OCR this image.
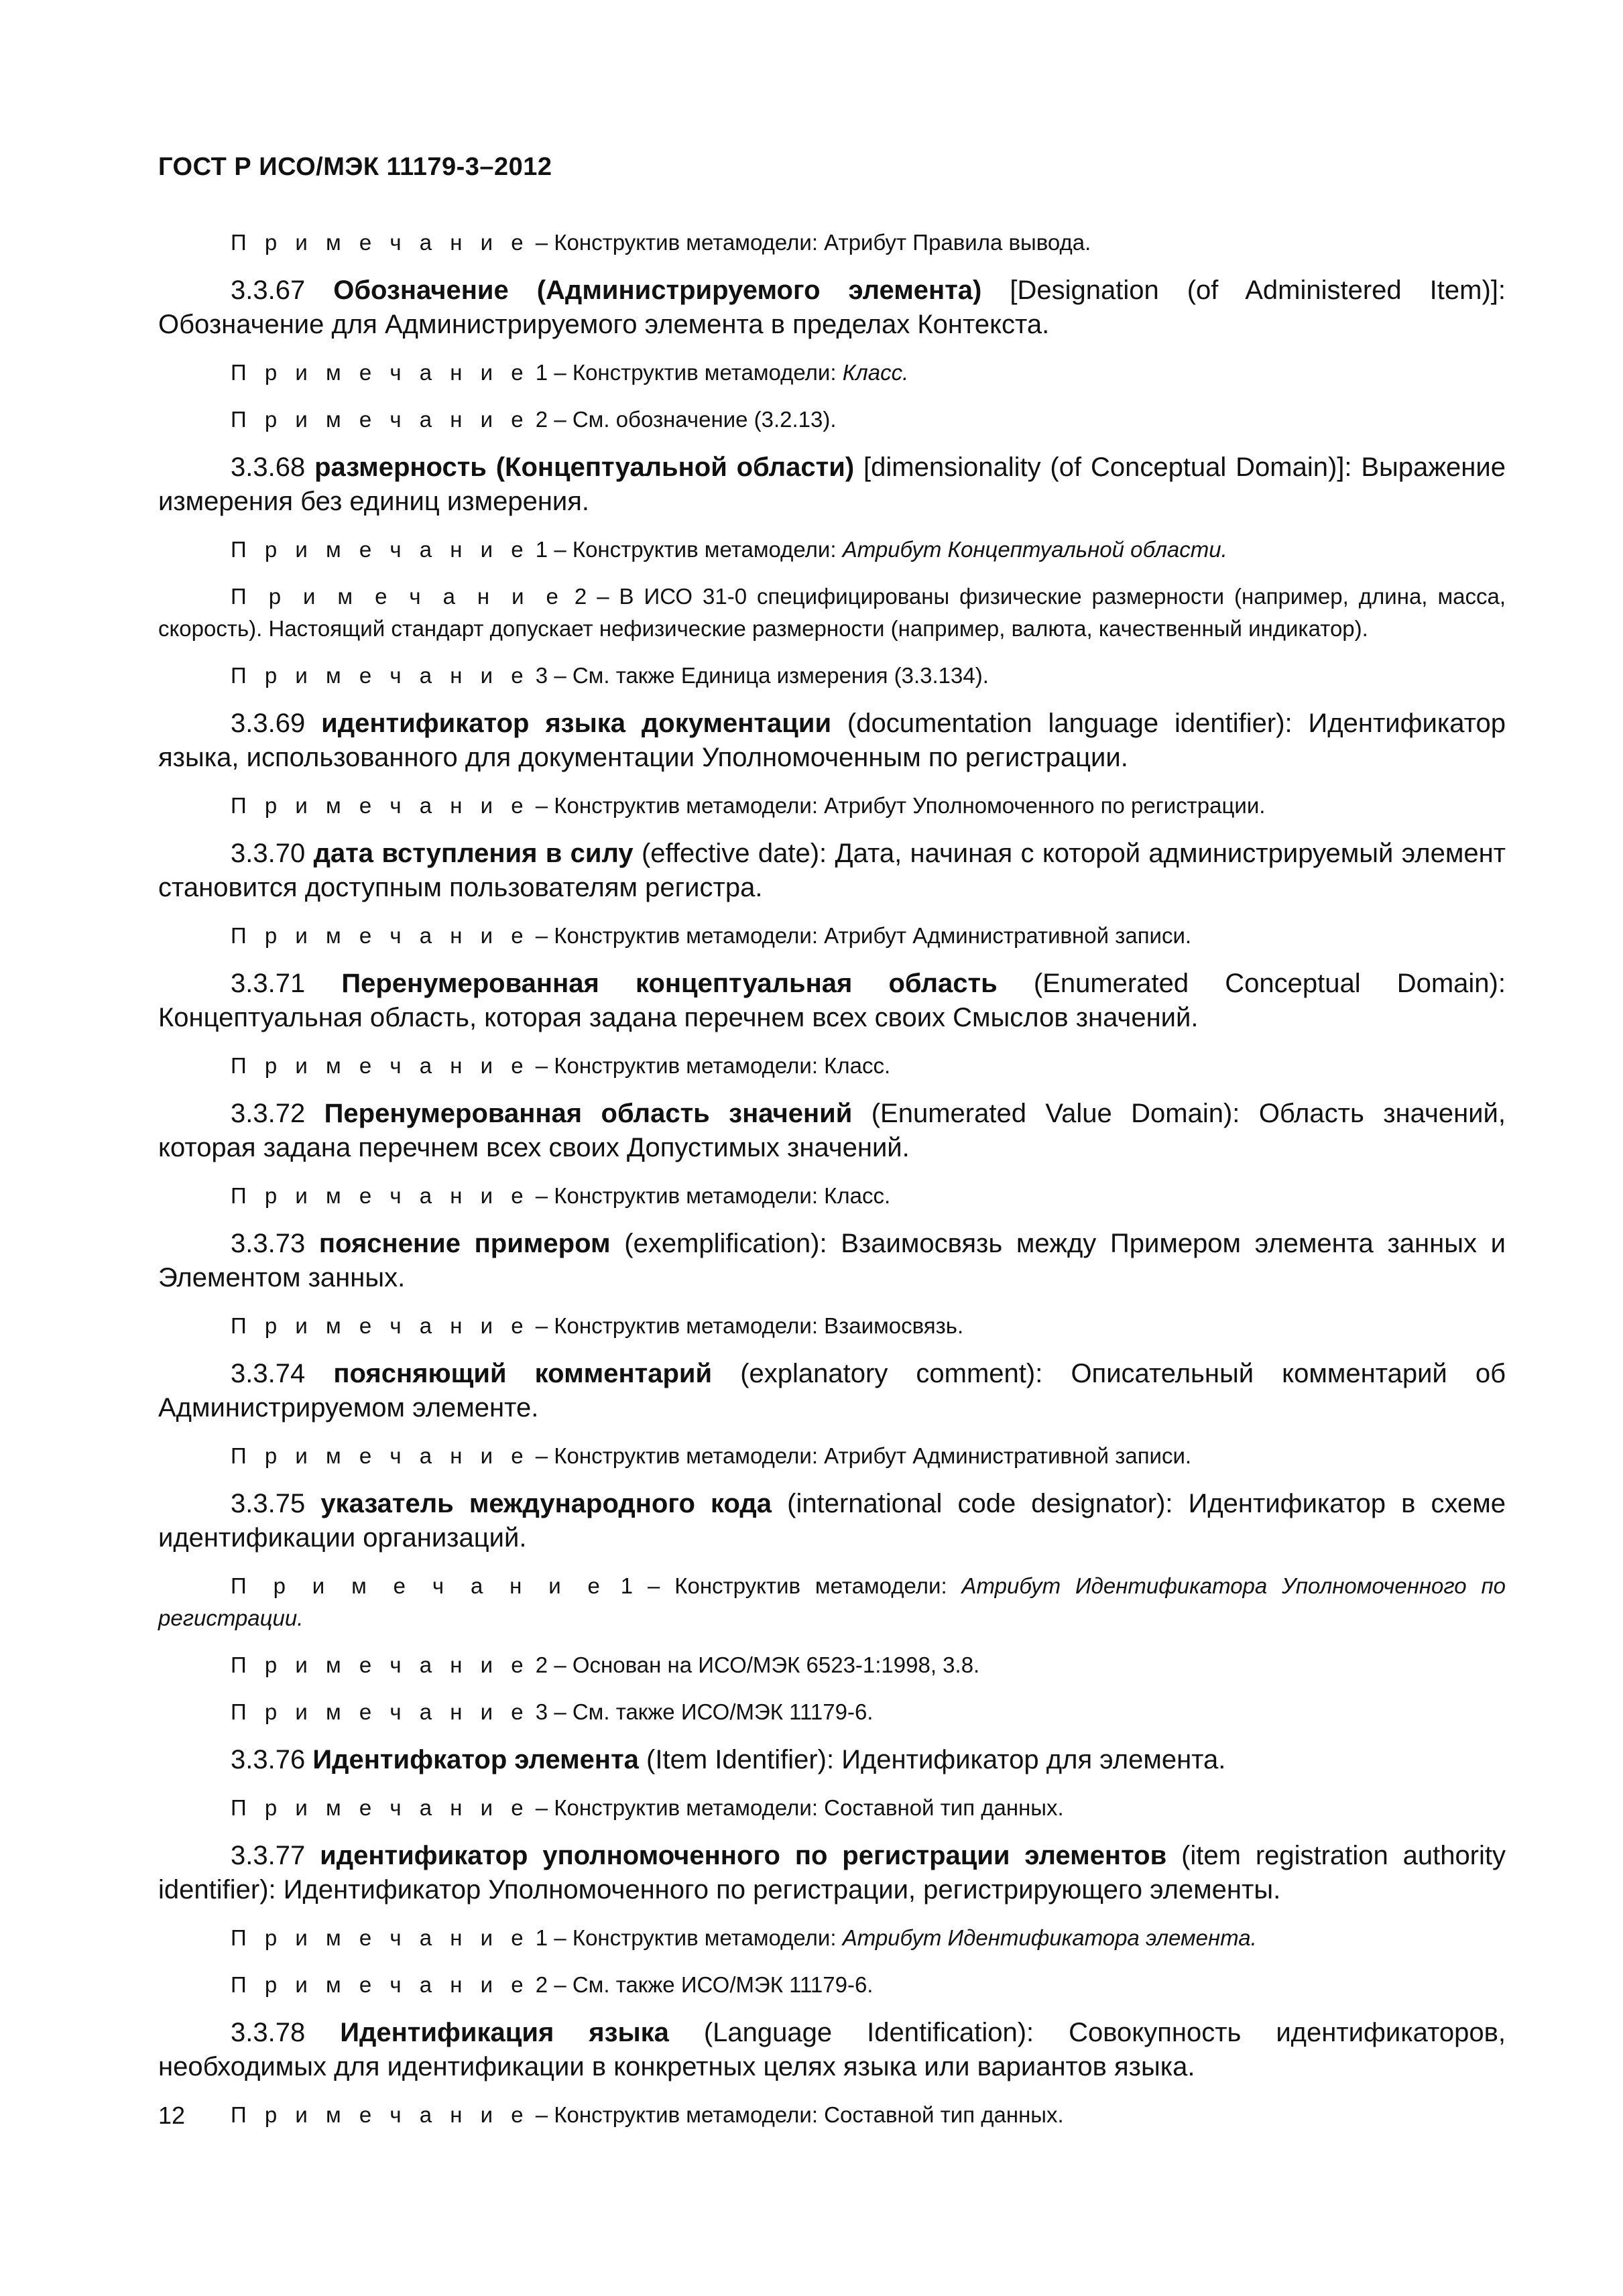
ГОСТ Р ИСО/МЭК 11179-3–2012

П р и м е ч а н и е – Конструктив метамодели: Атрибут Правила вывода.

3.3.67 Обозначение (Администрируемого элемента) [Designation (of Administered Item)]: Обозначение для Администрируемого элемента в пределах Контекста.

П р и м е ч а н и е 1 – Конструктив метамодели: Класс.

П р и м е ч а н и е 2 – См. обозначение (3.2.13).

3.3.68 размерность (Концептуальной области) [dimensionality (of Conceptual Domain)]: Выражение измерения без единиц измерения.

П р и м е ч а н и е 1 – Конструктив метамодели: Атрибут Концептуальной области.

П р и м е ч а н и е 2 – В ИСО 31-0 специфицированы физические размерности (например, длина, масса, скорость). Настоящий стандарт допускает нефизические размерности (например, валюта, качественный индикатор).

П р и м е ч а н и е 3 – См. также Единица измерения (3.3.134).

3.3.69 идентификатор языка документации (documentation language identifier): Идентификатор языка, использованного для документации Уполномоченным по регистрации.

П р и м е ч а н и е – Конструктив метамодели: Атрибут Уполномоченного по регистрации.

3.3.70 дата вступления в силу (effective date): Дата, начиная с которой администрируемый элемент становится доступным пользователям регистра.

П р и м е ч а н и е – Конструктив метамодели: Атрибут Административной записи.

3.3.71 Перенумерованная концептуальная область (Enumerated Conceptual Domain): Концептуальная область, которая задана перечнем всех своих Смыслов значений.

П р и м е ч а н и е – Конструктив метамодели: Класс.

3.3.72 Перенумерованная область значений (Enumerated Value Domain): Область значений, которая задана перечнем всех своих Допустимых значений.

П р и м е ч а н и е – Конструктив метамодели: Класс.

3.3.73 пояснение примером (exemplification): Взаимосвязь между Примером элемента занных и Элементом занных.

П р и м е ч а н и е – Конструктив метамодели: Взаимосвязь.

3.3.74 поясняющий комментарий (explanatory comment): Описательный комментарий об Администрируемом элементе.

П р и м е ч а н и е – Конструктив метамодели: Атрибут Административной записи.

3.3.75 указатель международного кода (international code designator): Идентификатор в схеме идентификации организаций.

П р и м е ч а н и е 1 – Конструктив метамодели: Атрибут Идентификатора Уполномоченного по регистрации.

П р и м е ч а н и е 2 – Основан на ИСО/МЭК 6523-1:1998, 3.8.

П р и м е ч а н и е 3 – См. также ИСО/МЭК 11179-6.

3.3.76 Идентифкатор элемента (Item Identifier): Идентификатор для элемента.

П р и м е ч а н и е – Конструктив метамодели: Составной тип данных.

3.3.77 идентификатор уполномоченного по регистрации элементов (item registration authority identifier): Идентификатор Уполномоченного по регистрации, регистрирующего элементы.

П р и м е ч а н и е 1 – Конструктив метамодели: Атрибут Идентификатора элемента.

П р и м е ч а н и е 2 – См. также ИСО/МЭК 11179-6.

3.3.78 Идентификация языка (Language Identification): Совокупность идентификаторов, необходимых для идентификации в конкретных целях языка или вариантов языка.

П р и м е ч а н и е – Конструктив метамодели: Составной тип данных.

12
